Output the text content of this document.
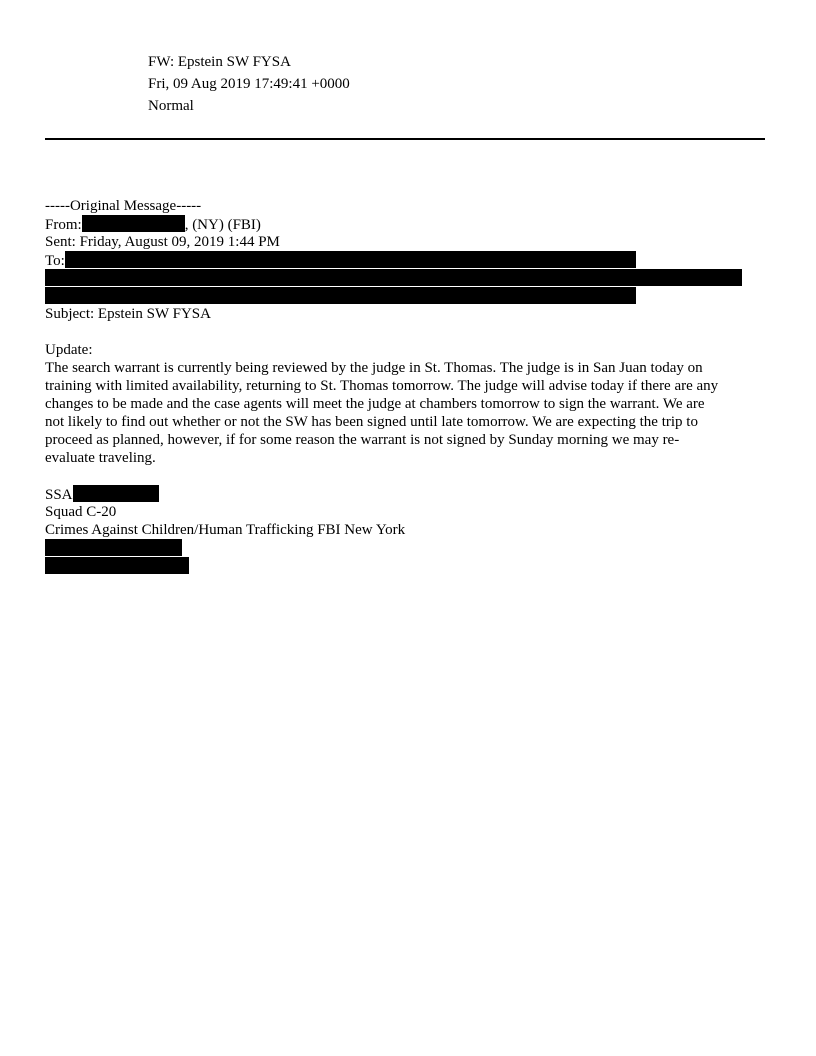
FW: Epstein SW FYSA
Fri, 09 Aug 2019 17:49:41 +0000
Normal
-----Original Message-----
From:	, (NY) (FBI)
Sent: Friday, August 09, 2019 1:44 PM
To:
Subject: Epstein SW FYSA
Update:
The search warrant is currently being reviewed by the judge in St. Thomas. The judge is in San Juan today on
training with limited availability, returning to St. Thomas tomorrow. The judge will advise today if there are any
changes to be made and the case agents will meet the judge at chambers tomorrow to sign the warrant. We are
not likely to find out whether or not the SW has been signed until late tomorrow. We are expecting the trip to
proceed as planned, however, if for some reason the warrant is not signed by Sunday morning we may re-
evaluate traveling.
SSA
Squad C-20
Crimes Against Children/Human Trafficking FBI New York
